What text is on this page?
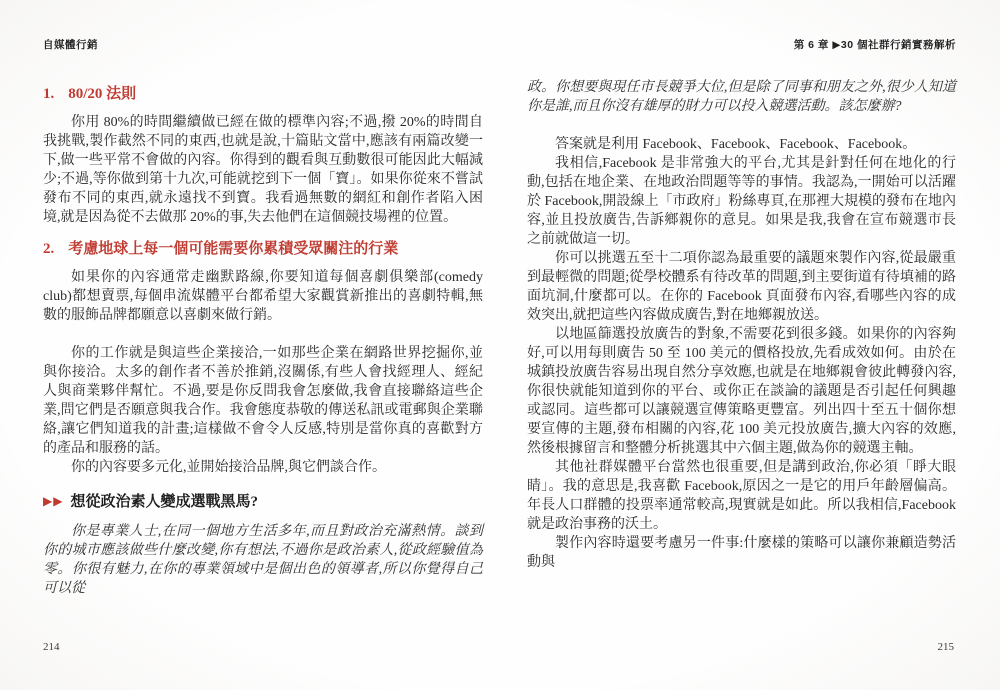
自媒體行銷
1. 80/20 法則

你用 80%的時間繼續做已經在做的標準內容;不過,撥 20%的時間自我挑戰,製作截然不同的東西,也就是說,十篇貼文當中,應該有兩篇改變一下,做一些平常不會做的內容。你得到的觀看與互動數很可能因此大幅減少;不過,等你做到第十九次,可能就挖到下一個「寶」。如果你從來不嘗試發布不同的東西,就永遠找不到寶。我看過無數的網紅和創作者陷入困境,就是因為從不去做那 20%的事,失去他們在這個競技場裡的位置。

2. 考慮地球上每一個可能需要你累積受眾關注的行業

如果你的內容通常走幽默路線,你要知道每個喜劇俱樂部(comedy club)都想賣票,每個串流媒體平台都希望大家觀賞新推出的喜劇特輯,無數的服飾品牌都願意以喜劇來做行銷。

你的工作就是與這些企業接洽,一如那些企業在網路世界挖掘你,並與你接洽。太多的創作者不善於推銷,沒關係,有些人會找經理人、經紀人與商業夥伴幫忙。不過,要是你反問我會怎麼做,我會直接聯絡這些企業,問它們是否願意與我合作。我會態度恭敬的傳送私訊或電郵與企業聯絡,讓它們知道我的計畫;這樣做不會令人反感,特別是當你真的喜歡對方的產品和服務的話。

你的內容要多元化,並開始接洽品牌,與它們談合作。

▶▶ 想從政治素人變成選戰黑馬?

你是專業人士,在同一個地方生活多年,而且對政治充滿熱情。談到你的城市應該做些什麼改變,你有想法,不過你是政治素人,從政經驗值為零。你很有魅力,在你的專業領域中是個出色的領導者,所以你覺得自己可以從

214
第 6 章 ▶30 個社群行銷實務解析

政。你想要與現任市長競爭大位,但是除了同事和朋友之外,很少人知道你是誰,而且你沒有雄厚的財力可以投入競選活動。該怎麼辦?

答案就是利用 Facebook、Facebook、Facebook、Facebook。

我相信,Facebook 是非常強大的平台,尤其是針對任何在地化的行動,包括在地企業、在地政治問題等等的事情。我認為,一開始可以活躍於 Facebook,開設線上「市政府」粉絲專頁,在那裡大規模的發布在地內容,並且投放廣告,告訴鄉親你的意見。如果是我,我會在宣布競選市長之前就做這一切。

你可以挑選五至十二項你認為最重要的議題來製作內容,從最嚴重到最輕微的問題;從學校體系有待改革的問題,到主要街道有待填補的路面坑洞,什麼都可以。在你的 Facebook 頁面發布內容,看哪些內容的成效突出,就把這些內容做成廣告,對在地鄉親放送。

以地區篩選投放廣告的對象,不需要花到很多錢。如果你的內容夠好,可以用每則廣告 50 至 100 美元的價格投放,先看成效如何。由於在城鎮投放廣告容易出現自然分享效應,也就是在地鄉親會彼此轉發內容,你很快就能知道到你的平台、或你正在談論的議題是否引起任何興趣或認同。這些都可以讓競選宣傳策略更豐富。列出四十至五十個你想要宣傳的主題,發布相關的內容,花 100 美元投放廣告,擴大內容的效應,然後根據留言和整體分析挑選其中六個主題,做為你的競選主軸。

其他社群媒體平台當然也很重要,但是講到政治,你必須「睜大眼睛」。我的意思是,我喜歡 Facebook,原因之一是它的用戶年齡層偏高。年長人口群體的投票率通常較高,現實就是如此。所以我相信,Facebook 就是政治事務的沃土。

製作內容時還要考慮另一件事:什麼樣的策略可以讓你兼顧造勢活動與

215
